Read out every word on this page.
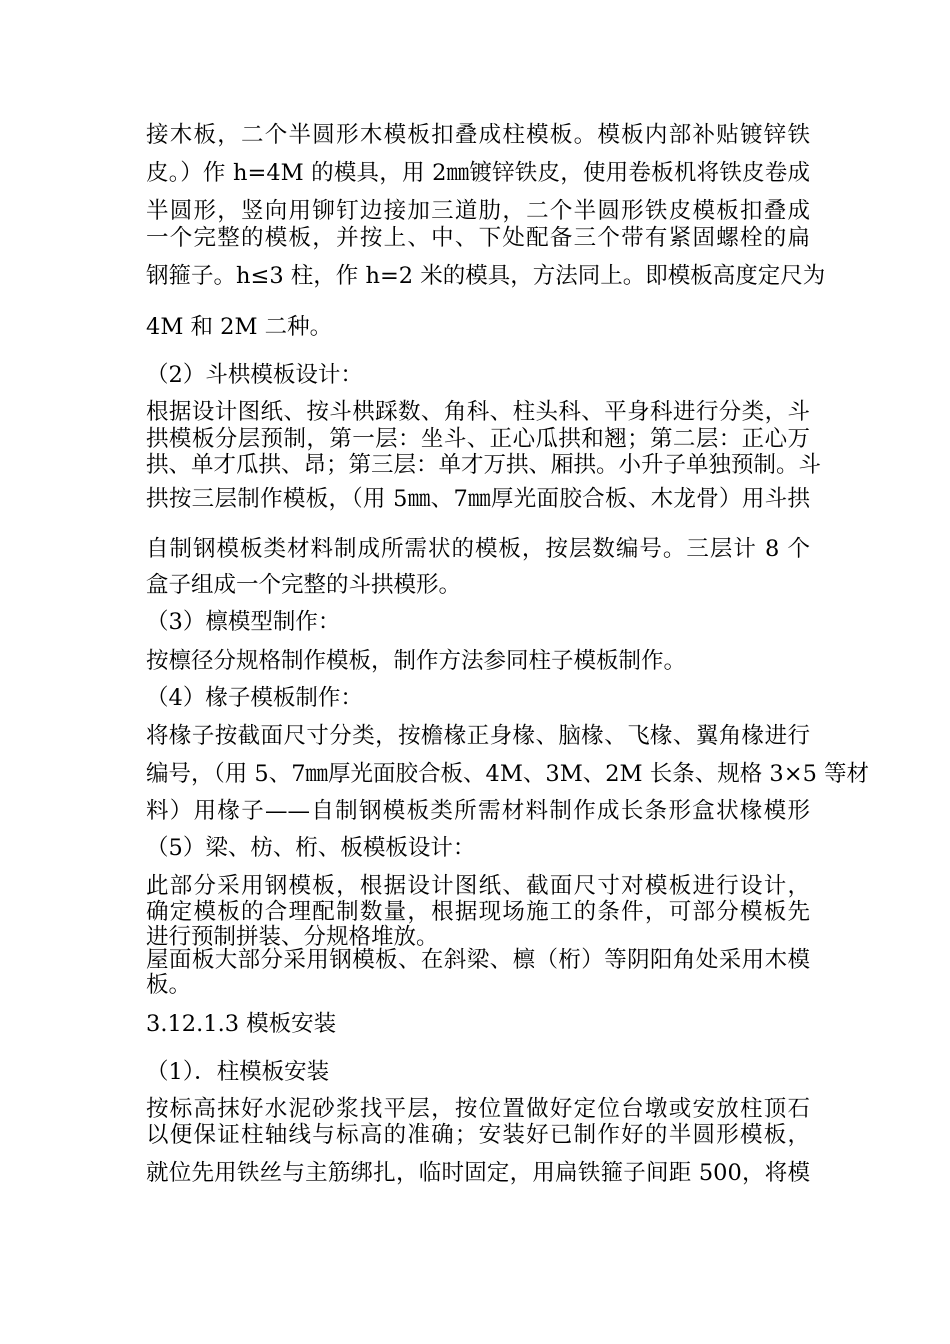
接木板，二个半圆形木模板扣叠成柱模板。模板内部补贴镀锌铁
皮。）作 h=4M 的模具，用 2㎜镀锌铁皮，使用卷板机将铁皮卷成
半圆形，竖向用铆钉边接加三道肋，二个半圆形铁皮模板扣叠成
一个完整的模板，并按上、中、下处配备三个带有紧固螺栓的扁
钢箍子。h≤3 柱，作 h=2 米的模具，方法同上。即模板高度定尺为
4M 和 2M 二种。
（2）斗栱模板设计：
根据设计图纸、按斗栱踩数、角科、柱头科、平身科进行分类，斗
拱模板分层预制，第一层：坐斗、正心瓜拱和翘；第二层：正心万
拱、单才瓜拱、昂；第三层：单才万拱、厢拱。小升子单独预制。斗
拱按三层制作模板，（用 5㎜、7㎜厚光面胶合板、木龙骨）用斗拱
自制钢模板类材料制成所需状的模板，按层数编号。三层计 8 个
盒子组成一个完整的斗拱模形。
（3）檩模型制作：
按檩径分规格制作模板，制作方法参同柱子模板制作。
（4）椽子模板制作：
将椽子按截面尺寸分类，按檐椽正身椽、脑椽、飞椽、翼角椽进行
编号，（用 5、7㎜厚光面胶合板、4M、3M、2M 长条、规格 3×5 等材
料）用椽子——自制钢模板类所需材料制作成长条形盒状椽模形
（5）梁、枋、桁、板模板设计：
此部分采用钢模板，根据设计图纸、截面尺寸对模板进行设计，
确定模板的合理配制数量，根据现场施工的条件，可部分模板先
进行预制拼装、分规格堆放。
屋面板大部分采用钢模板、在斜梁、檩（桁）等阴阳角处采用木模
板。
3.12.1.3 模板安装
（1）．柱模板安装
按标高抹好水泥砂浆找平层，按位置做好定位台墩或安放柱顶石
以便保证柱轴线与标高的准确；安装好已制作好的半圆形模板，
就位先用铁丝与主筋绑扎，临时固定，用扁铁箍子间距 500，将模
